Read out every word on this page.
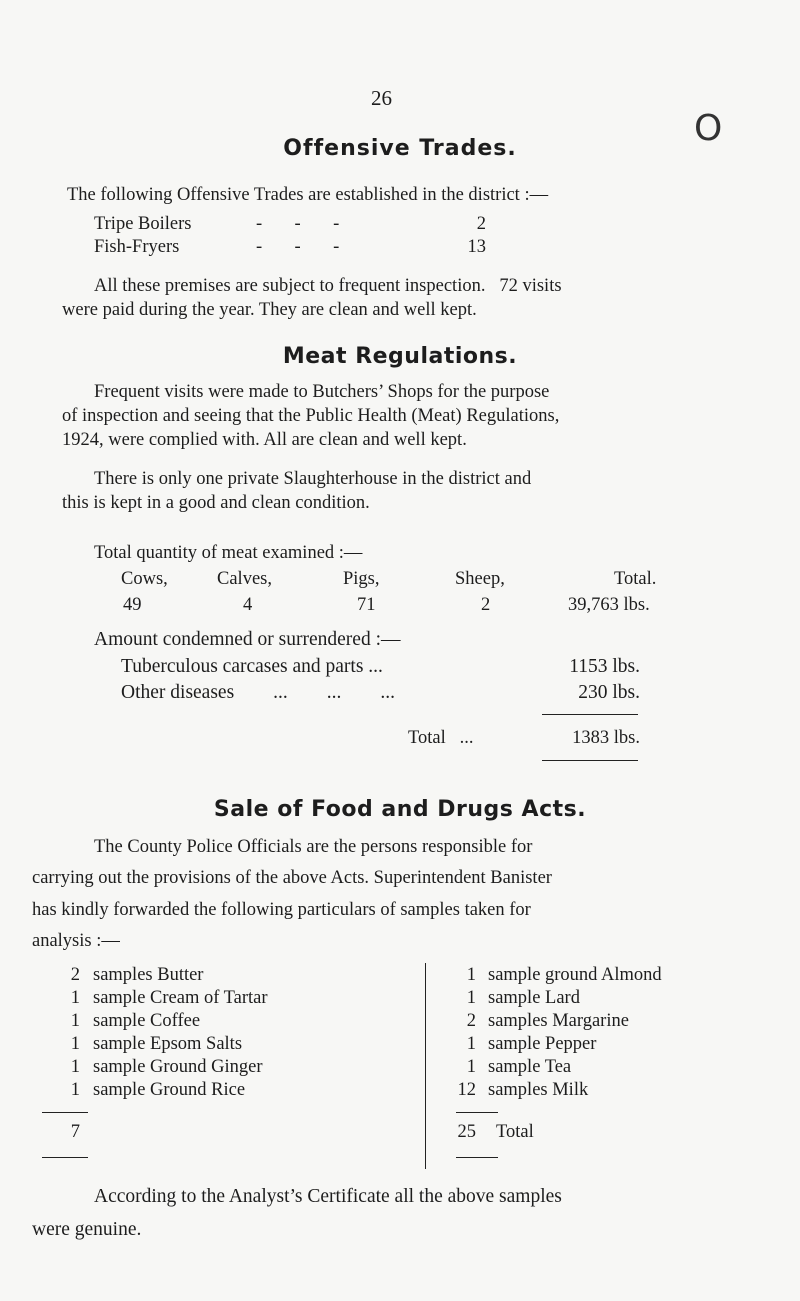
26
O
Offensive Trades.
The following Offensive Trades are established in the district :—
Tripe Boilers	-       -       -	2
Fish-Fryers	-       -       -	13
All these premises are subject to frequent inspection.   72 visits
were paid during the year. They are clean and well kept.
Meat Regulations.
Frequent visits were made to Butchers’ Shops for the purpose
of inspection and seeing that the Public Health (Meat) Regulations,
1924, were complied with. All are clean and well kept.
There is only one private Slaughterhouse in the district and
this is kept in a good and clean condition.
Total quantity of meat examined :—
Cows,	Calves,	Pigs,	Sheep,	Total.
49	4	71	2	39,763 lbs.
Amount condemned or surrendered :—
Tuberculous carcases and parts ...	1153 lbs.
Other diseases        ...        ...        ...	230 lbs.
Total   ...	1383 lbs.
Sale of Food and Drugs Acts.
The County Police Officials are the persons responsible for
carrying out the provisions of the above Acts. Superintendent Banister
has kindly forwarded the following particulars of samples taken for
analysis :—
2 samples Butter
1 sample Cream of Tartar
1 sample Coffee
1 sample Epsom Salts
1 sample Ground Ginger
1 sample Ground Rice
7
1 sample ground Almond
1 sample Lard
2 samples Margarine
1 sample Pepper
1 sample Tea
12 samples Milk
25 Total
According to the Analyst’s Certificate all the above samples
were genuine.
